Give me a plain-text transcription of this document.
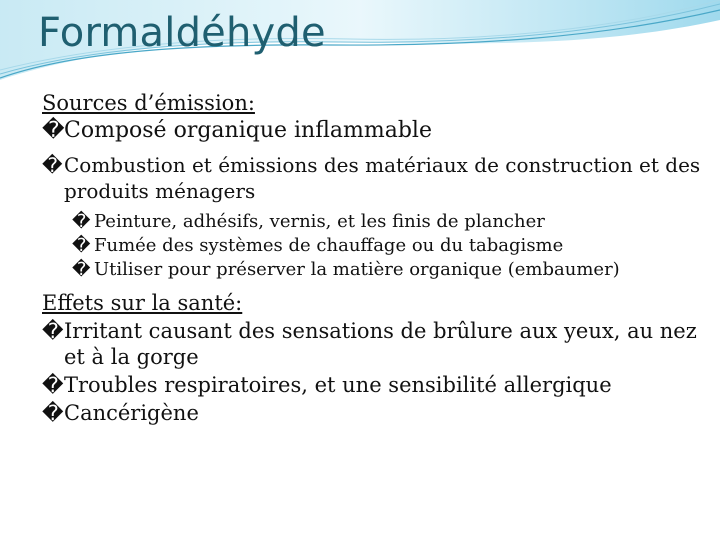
Formaldéhyde
Sources d’émission:
� Composé organique inflammable
� Combustion et émissions des matériaux de construction et des produits ménagers
� Peinture, adhésifs, vernis, et les finis de plancher
� Fumée des systèmes de chauffage ou du tabagisme
� Utiliser pour préserver la matière organique (embaumer)
Effets sur la santé:
� Irritant causant des sensations de brûlure aux yeux, au nez et à la gorge
� Troubles respiratoires, et une sensibilité allergique
� Cancérigène
